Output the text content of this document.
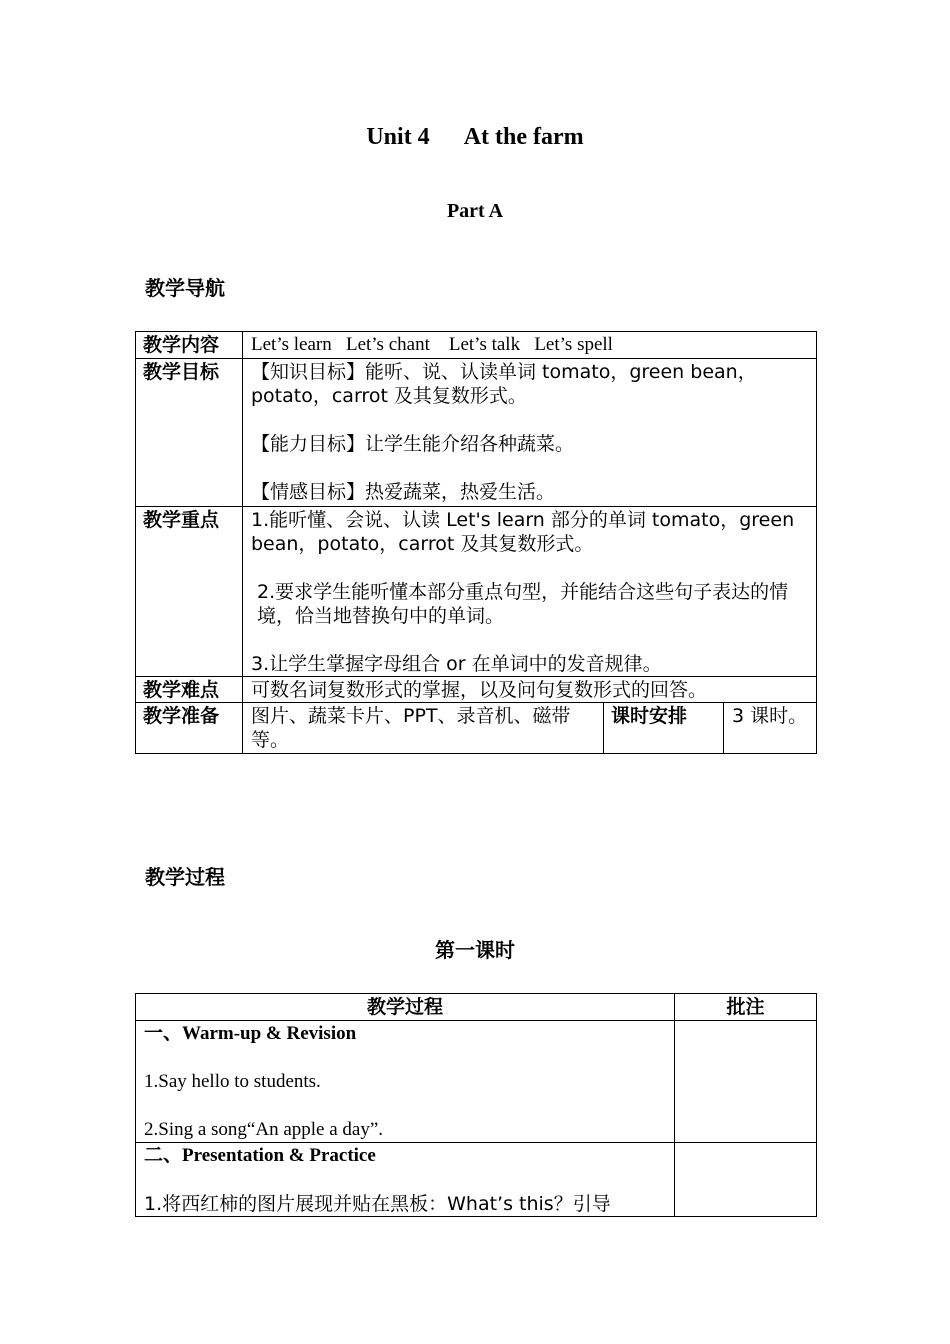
Unit 4 At the farm
Part A
教学导航
教学内容	Let’s learn   Let’s chant    Let’s talk   Let’s spell		
教学目标	【知识目标】能听、说、认读单词 tomato，green bean，potato，carrot 及其复数形式。

【能力目标】让学生能介绍各种蔬菜。

【情感目标】热爱蔬菜，热爱生活。		

教学重点	1.能听懂、会说、认读 Let's learn 部分的单词 tomato，green bean，potato，carrot 及其复数形式。

2.要求学生能听懂本部分重点句型，并能结合这些句子表达的情境，恰当地替换句中的单词。

3.让学生掌握字母组合 or 在单词中的发音规律。		

教学难点	可数名词复数形式的掌握，以及问句复数形式的回答。		
教学准备	图片、蔬菜卡片、PPT、录音机、磁带等。	课时安排	3 课时。
教学过程
第一课时
教学过程	批注

一、Warm-up & Revision

1.Say hello to students.

2.Sing a song“An apple a day”.	

二、Presentation & Practice

1.将西红柿的图片展现并贴在黑板：What’s this？引导	
